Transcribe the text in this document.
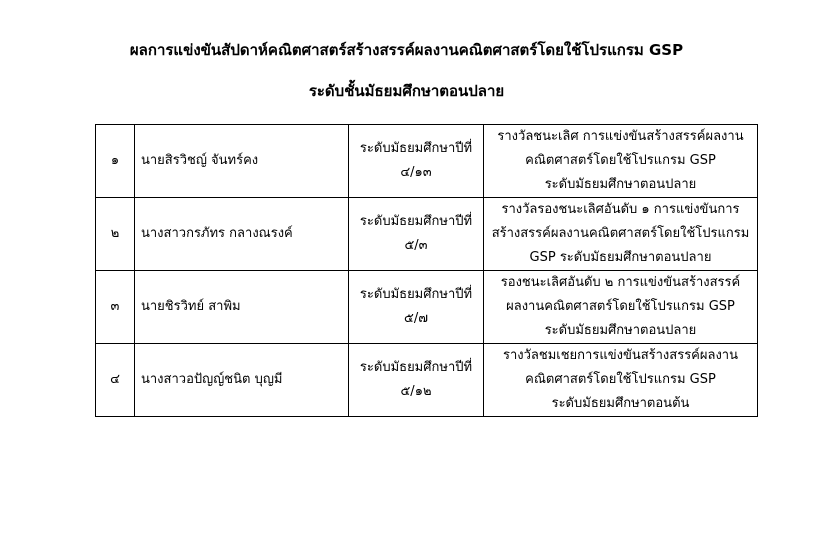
ผลการแข่งขันสัปดาห์คณิตศาสตร์สร้างสรรค์ผลงานคณิตศาสตร์โดยใช้โปรแกรม GSP
ระดับชั้นมัธยมศึกษาตอนปลาย
๑	นายสิรวิชญ์ จันทร์คง	ระดับมัธยมศึกษาปีที่
๔/๑๓	รางวัลชนะเลิศ การแข่งขันสร้างสรรค์ผลงาน
คณิตศาสตร์โดยใช้โปรแกรม GSP
ระดับมัธยมศึกษาตอนปลาย

๒	นางสาวกรภัทร กลางณรงค์	ระดับมัธยมศึกษาปีที่
๕/๓	รางวัลรองชนะเลิศอันดับ ๑ การแข่งขันการ
สร้างสรรค์ผลงานคณิตศาสตร์โดยใช้โปรแกรม
GSP ระดับมัธยมศึกษาตอนปลาย

๓	นายชิรวิทย์ สาพิม	ระดับมัธยมศึกษาปีที่
๕/๗	รองชนะเลิศอันดับ ๒ การแข่งขันสร้างสรรค์
ผลงานคณิตศาสตร์โดยใช้โปรแกรม GSP
ระดับมัธยมศึกษาตอนปลาย

๔	นางสาวอปัญญ์ชนิต บุญมี	ระดับมัธยมศึกษาปีที่
๕/๑๒	รางวัลชมเชยการแข่งขันสร้างสรรค์ผลงาน
คณิตศาสตร์โดยใช้โปรแกรม GSP
ระดับมัธยมศึกษาตอนต้น
